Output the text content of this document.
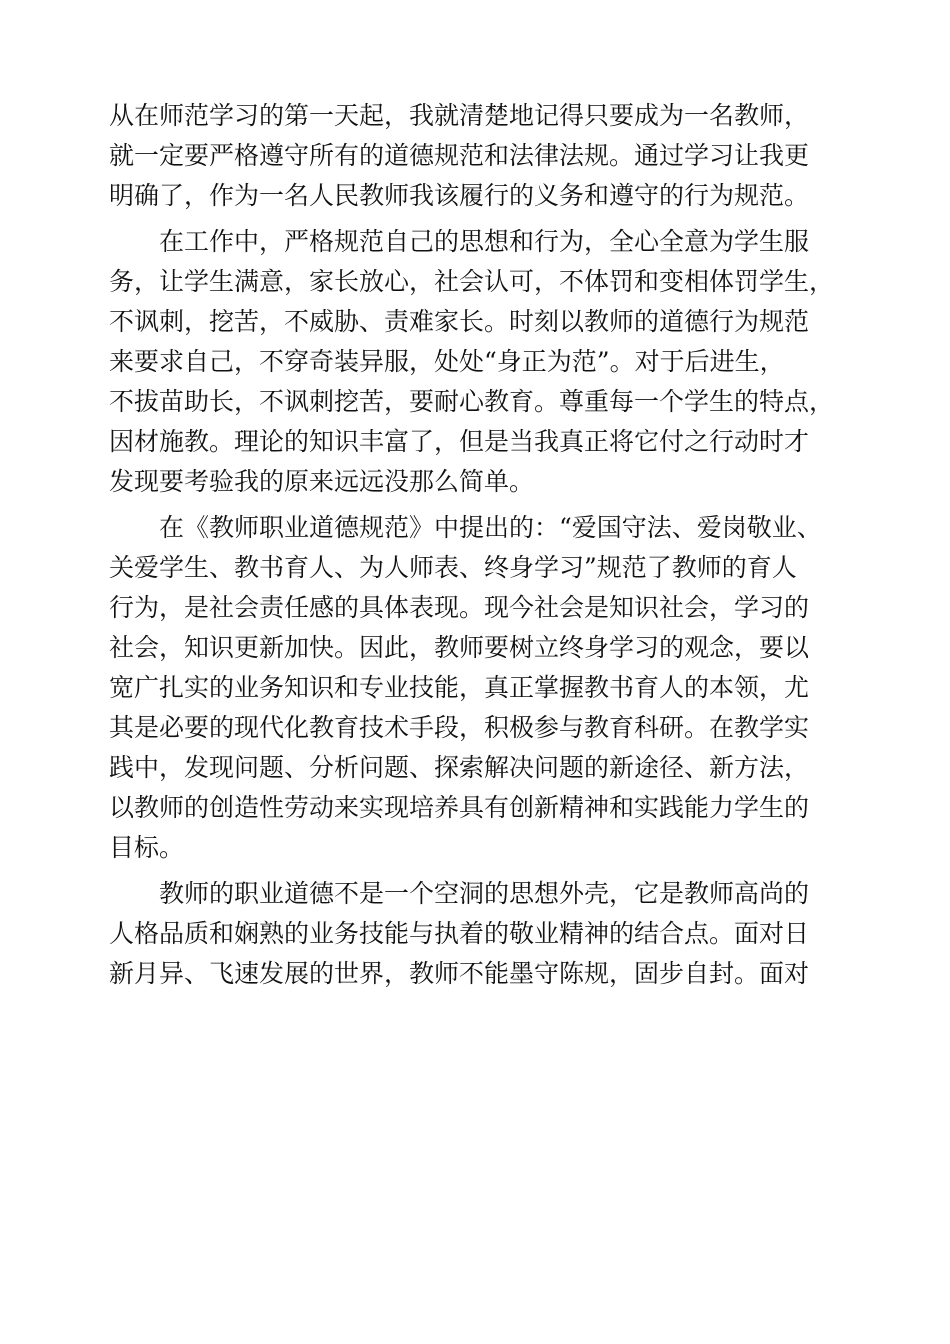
从在师范学习的第一天起，我就清楚地记得只要成为一名教师，
就一定要严格遵守所有的道德规范和法律法规。通过学习让我更
明确了，作为一名人民教师我该履行的义务和遵守的行为规范。
在工作中，严格规范自己的思想和行为，全心全意为学生服
务，让学生满意，家长放心，社会认可，不体罚和变相体罚学生，
不讽刺，挖苦，不威胁、责难家长。时刻以教师的道德行为规范
来要求自己，不穿奇装异服，处处“身正为范”。对于后进生，
不拔苗助长，不讽刺挖苦，要耐心教育。尊重每一个学生的特点，
因材施教。理论的知识丰富了，但是当我真正将它付之行动时才
发现要考验我的原来远远没那么简单。
在《教师职业道德规范》中提出的：“爱国守法、爱岗敬业、
关爱学生、教书育人、为人师表、终身学习”规范了教师的育人
行为，是社会责任感的具体表现。现今社会是知识社会，学习的
社会，知识更新加快。因此，教师要树立终身学习的观念，要以
宽广扎实的业务知识和专业技能，真正掌握教书育人的本领，尤
其是必要的现代化教育技术手段，积极参与教育科研。在教学实
践中，发现问题、分析问题、探索解决问题的新途径、新方法，
以教师的创造性劳动来实现培养具有创新精神和实践能力学生的
目标。
教师的职业道德不是一个空洞的思想外壳，它是教师高尚的
人格品质和娴熟的业务技能与执着的敬业精神的结合点。面对日
新月异、飞速发展的世界，教师不能墨守陈规，固步自封。面对
